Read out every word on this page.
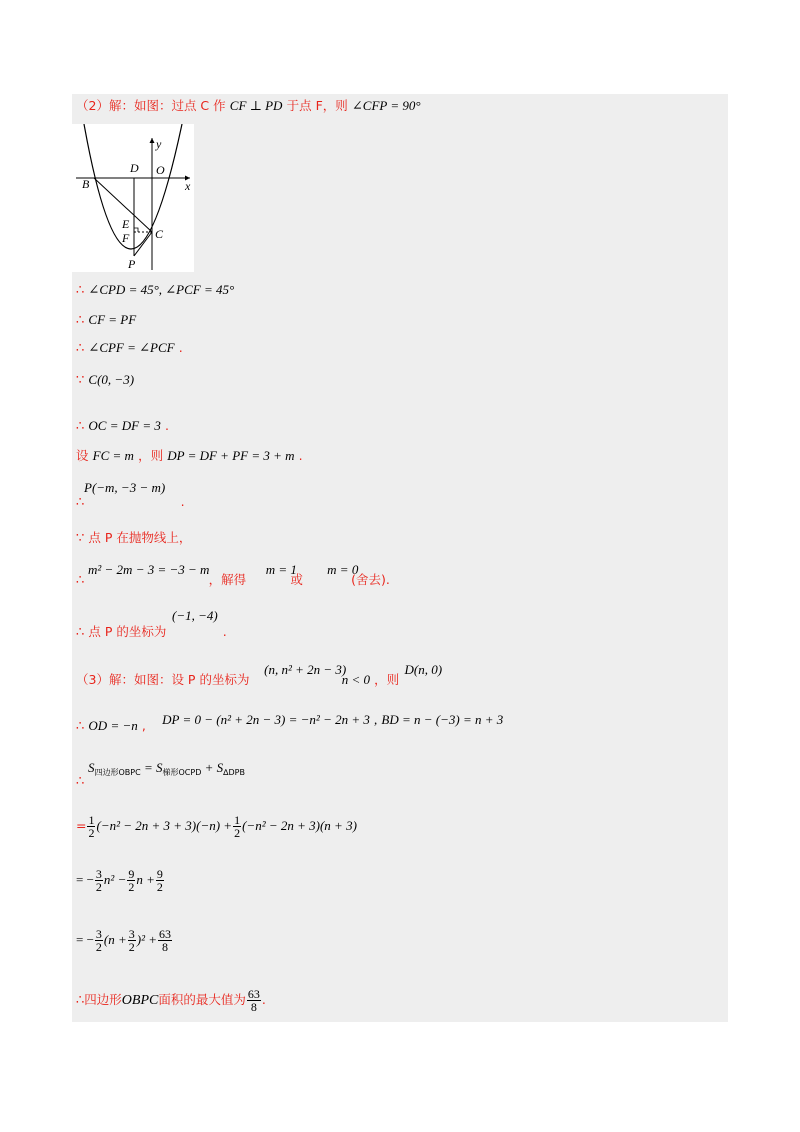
（2）解：如图：过点 C 作 CF ⊥ PD 于点 F，则 ∠CFP = 90°
y
x
D O
B
E
F C
P
∴ ∠CPD = 45°, ∠PCF = 45°
∴ CF = PF
∴ ∠CPF = ∠PCF .
∵ C(0, −3)
∴ OC = DF = 3 .
设 FC = m ，则 DP = DF + PF = 3 + m .
P(−m, −3 − m)
∴	.
∵ 点 P 在抛物线上，
m² − 2m − 3 = −3 − m	m = 1 m = 0
∴	，解得	或	(舍去).
(−1, −4)
∴ 点 P 的坐标为	.
(n, n² + 2n − 3)	D(n, 0)
（3）解：如图：设 P 的坐标为	n < 0 ，则
DP = 0 − (n² + 2n − 3) = −n² − 2n + 3 , BD = n − (−3) = n + 3
∴ OD = −n ,
$S_{四边形OBPC} = S_{梯形OCPD} + S_{\Delta DPB}$
∴
= $\frac{1}{2} (-n^2 - 2n + 3 + 3)(-n) + \frac{1}{2} (-n^2 - 2n + 3)(n + 3)$
= − $\frac{3}{2} n^2 - \frac{9}{2}$ $n + \frac{9}{2}$
= − $\frac{3}{2} (n + \frac{3}{2} )^2 + \frac{63}{8}$
∴四边形OBPC面积的最大值为 $\frac{63}{8}$ .
